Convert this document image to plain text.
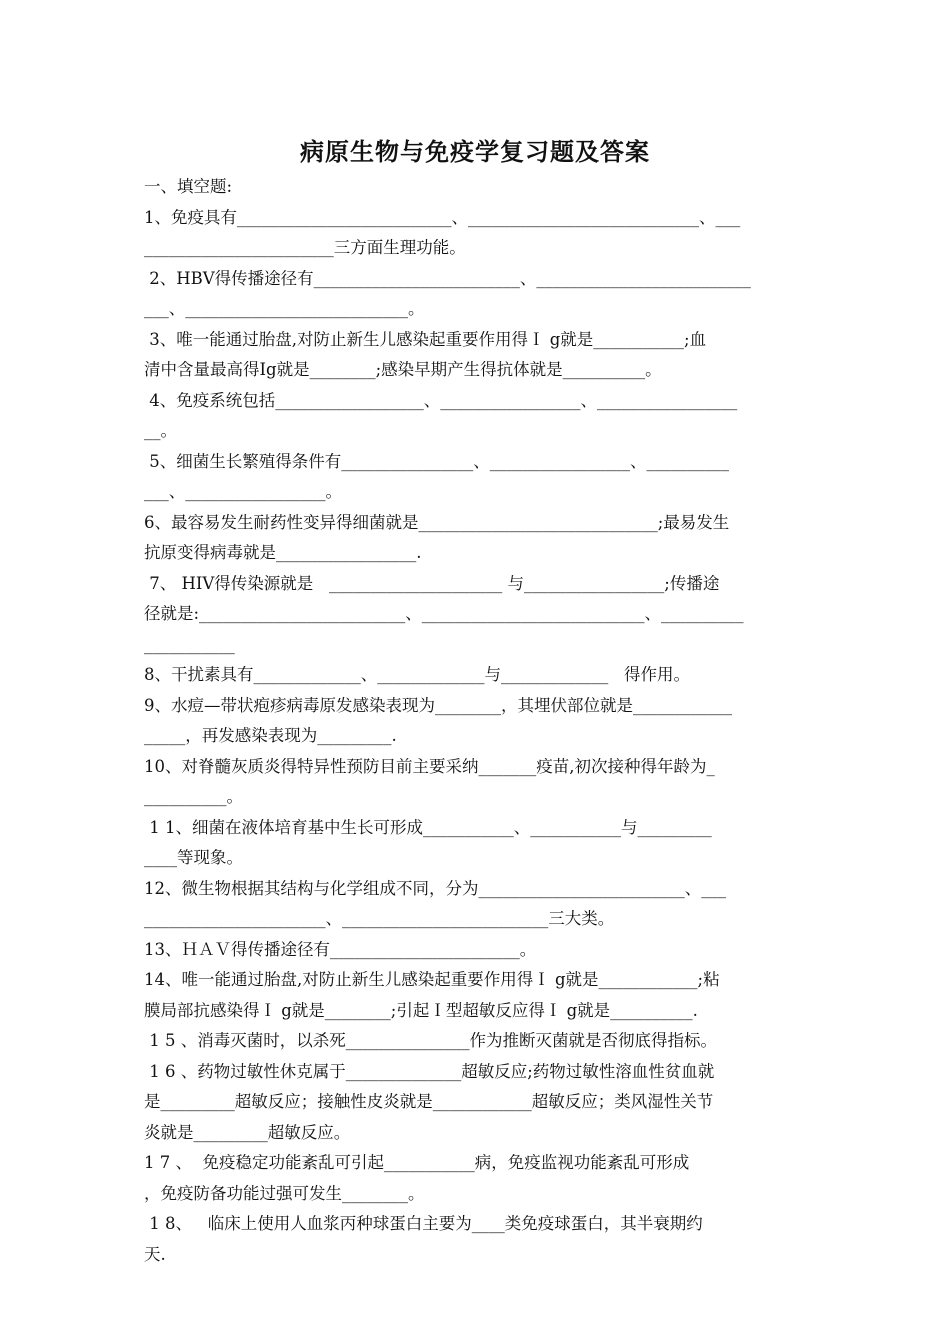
病原生物与免疫学复习题及答案
一、填空题:
1、免疫具有__________________________、____________________________、___
_______________________三方面生理功能。
2、HBV得传播途径有_________________________、__________________________
___、___________________________。
3、唯一能通过胎盘,对防止新生儿感染起重要作用得Ｉ g就是___________;血
清中含量最高得Ig就是________;感染早期产生得抗体就是__________。
4、免疫系统包括__________________、_________________、_________________
__。
5、细菌生长繁殖得条件有________________、_________________、__________
___、_________________。
6、最容易发生耐药性变异得细菌就是_____________________________;最易发生
抗原变得病毒就是_________________.
7、 HIV得传染源就是   _____________________ 与_________________;传播途
径就是:_________________________、___________________________、__________
___________
8、干扰素具有_____________、_____________与_____________   得作用。
9、水痘—带状疱疹病毒原发感染表现为________，其埋伏部位就是____________
_____，再发感染表现为_________.
10、对脊髓灰质炎得特异性预防目前主要采纳_______疫苗,初次接种得年龄为_
__________。
1 1、细菌在液体培育基中生长可形成___________、___________与_________
____等现象。
12、微生物根据其结构与化学组成不同，分为_________________________、___
______________________、_________________________三大类。
13、ＨＡＶ得传播途径有_______________________。
14、唯一能通过胎盘,对防止新生儿感染起重要作用得Ｉ g就是____________;粘
膜局部抗感染得Ｉ g就是________;引起Ｉ型超敏反应得Ｉ g就是__________.
1 5 、消毒灭菌时，以杀死_______________作为推断灭菌就是否彻底得指标。
1 6 、药物过敏性休克属于______________超敏反应;药物过敏性溶血性贫血就
是_________超敏反应；接触性皮炎就是____________超敏反应；类风湿性关节
炎就是_________超敏反应。
1 7 、  免疫稳定功能紊乱可引起___________病，免疫监视功能紊乱可形成
，免疫防备功能过强可发生________。
1 8、   临床上使用人血浆丙种球蛋白主要为____类免疫球蛋白，其半衰期约
天.
